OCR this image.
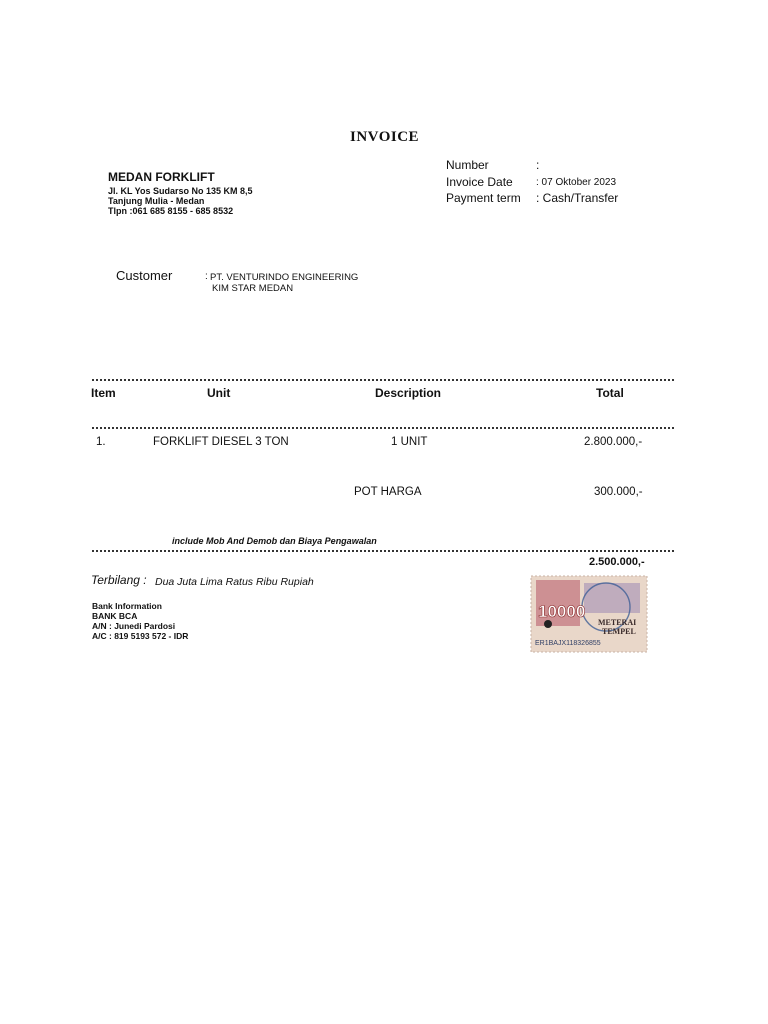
INVOICE
MEDAN FORKLIFT
Jl. KL Yos Sudarso No 135 KM 8,5
Tanjung Mulia - Medan
Tlpn :061 685 8155 - 685 8532
Number	:
Invoice Date : 07 Oktober 2023
Payment term : Cash/Transfer
Customer	: PT. VENTURINDO ENGINEERING
KIM STAR MEDAN
Item	Unit	Description	Total
1.	FORKLIFT DIESEL 3 TON	1 UNIT	2.800.000,-
POT HARGA	300.000,-
include Mob And Demob dan Biaya Pengawalan
2.500.000,-
Terbilang : Dua Juta Lima Ratus Ribu Rupiah
Bank Information
BANK BCA
A/N : Junedi Pardosi
A/C : 819 5193 572 - IDR
10000
METERAI
TEMPEL
ER1BAJX118326855
